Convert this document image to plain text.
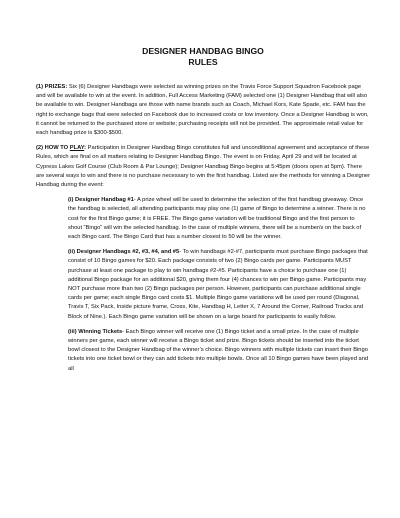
DESIGNER HANDBAG BINGO

RULES

(1) PRIZES: Six (6) Designer Handbags were selected as winning prizes on the Travis Force Support Squadron Facebook page and will be available to win at the event. In addition, Full Access Marketing (FAM) selected one (1) Designer Handbag that will also be available to win. Designer Handbags are those with name brands such as Coach, Michael Kors, Kate Spade, etc. FAM has the right to exchange bags that were selected on Facebook due to increased costs or low inventory. Once a Designer Handbag is won, it cannot be returned to the purchased store or website; purchasing receipts will not be provided. The approximate retail value for each handbag prize is $300-$500.

(2) HOW TO PLAY: Participation in Designer Handbag Bingo constitutes full and unconditional agreement and acceptance of these Rules, which are final on all matters relating to Designer Handbag Bingo. The event is on Friday, April 29 and will be located at Cypress Lakes Golf Course (Club Room & Par Lounge); Designer Handbag Bingo begins at 5:45pm (doors open at 5pm). There are several ways to win and there is no purchase necessary to win the first handbag. Listed are the methods for winning a Designer Handbag during the event:

(i) Designer Handbag #1- A prize wheel will be used to determine the selection of the first handbag giveaway. Once the handbag is selected, all attending participants may play one (1) game of Bingo to determine a winner. There is no cost for the first Bingo game; it is FREE. The Bingo game variation will be traditional Bingo and the first person to shout “Bingo” will win the selected handbag. In the case of multiple winners, there will be a number/s on the back of each Bingo card. The Bingo Card that has a number closest to 50 will be the winner.

(ii) Designer Handbags #2, #3, #4, and #5- To win handbags #2-#7, participants must purchase Bingo packages that consist of 10 Bingo games for $20. Each package consists of two (2) Bingo cards per game. Participants MUST purchase at least one package to play to win handbags #2-#5. Participants have a choice to purchase one (1) additional Bingo package for an additional $20, giving them four (4) chances to win per Bingo game. Participants may NOT purchase more than two (2) Bingo packages per person. However, participants can purchase additional single cards per game; each single Bingo card costs $1. Multiple Bingo game variations will be used per round (Diagonal, Travis T, Six Pack, Inside picture frame, Cross, Kite, Handbag H, Letter X, 7 Around the Corner, Railroad Tracks and Block of Nine.). Each Bingo game variation will be shown on a large board for participants to easily follow.

(iii) Winning Tickets- Each Bingo winner will receive one (1) Bingo ticket and a small prize. In the case of multiple winners per game, each winner will receive a Bingo ticket and prize. Bingo tickets should be inserted into the ticket bowl closest to the Designer Handbag of the winner’s choice. Bingo winners with multiple tickets can insert their Bingo tickets into one ticket bowl or they can add tickets into multiple bowls. Once all 10 Bingo games have been played and all
